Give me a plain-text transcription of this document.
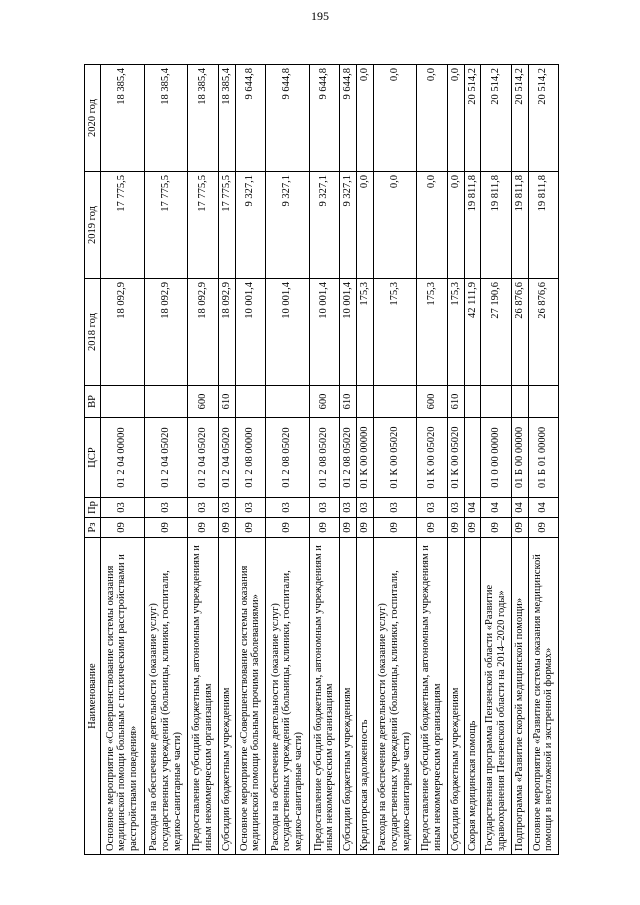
195
Наименование	Рз	Пр	ЦСР	ВР	2018 год	2019 год	2020 год
Основное мероприятие «Совершенствование системы оказания медицинской помощи больным с психическими расстройствами и расстройствами поведения»	09	03	01 2 04 00000		18 092,9	17 775,5	18 385,4
Расходы на обеспечение деятельности (оказание услуг) государственных учреждений (больницы, клиники, госпитали, медико-санитарные части)	09	03	01 2 04 05020		18 092,9	17 775,5	18 385,4
Предоставление субсидий бюджетным, автономным учреждениям и иным некоммерческим организациям	09	03	01 2 04 05020	600	18 092,9	17 775,5	18 385,4
Субсидии бюджетным учреждениям	09	03	01 2 04 05020	610	18 092,9	17 775,5	18 385,4
Основное мероприятие «Совершенствование системы оказания медицинской помощи больным прочими заболеваниями»	09	03	01 2 08 00000		10 001,4	9 327,1	9 644,8
Расходы на обеспечение деятельности (оказание услуг) государственных учреждений (больницы, клиники, госпитали, медико-санитарные части)	09	03	01 2 08 05020		10 001,4	9 327,1	9 644,8
Предоставление субсидий бюджетным, автономным учреждениям и иным некоммерческим организациям	09	03	01 2 08 05020	600	10 001,4	9 327,1	9 644,8
Субсидии бюджетным учреждениям	09	03	01 2 08 05020	610	10 001,4	9 327,1	9 644,8
Кредиторская задолженность	09	03	01 К 00 00000		175,3	0,0	0,0
Расходы на обеспечение деятельности (оказание услуг) государственных учреждений (больницы, клиники, госпитали, медико-санитарные части)	09	03	01 К 00 05020		175,3	0,0	0,0
Предоставление субсидий бюджетным, автономным учреждениям и иным некоммерческим организациям	09	03	01 К 00 05020	600	175,3	0,0	0,0
Субсидии бюджетным учреждениям	09	03	01 К 00 05020	610	175,3	0,0	0,0
Скорая медицинская помощь	09	04			42 111,9	19 811,8	20 514,2
Государственная программа Пензенской области «Развитие здравоохранения Пензенской области на 2014–2020 годы»	09	04	01 0 00 00000		27 190,6	19 811,8	20 514,2
Подпрограмма «Развитие скорой медицинской помощи»	09	04	01 Б 00 00000		26 876,6	19 811,8	20 514,2
Основное мероприятие «Развитие системы оказания медицинской помощи в неотложной и экстренной формах»	09	04	01 Б 01 00000		26 876,6	19 811,8	20 514,2
